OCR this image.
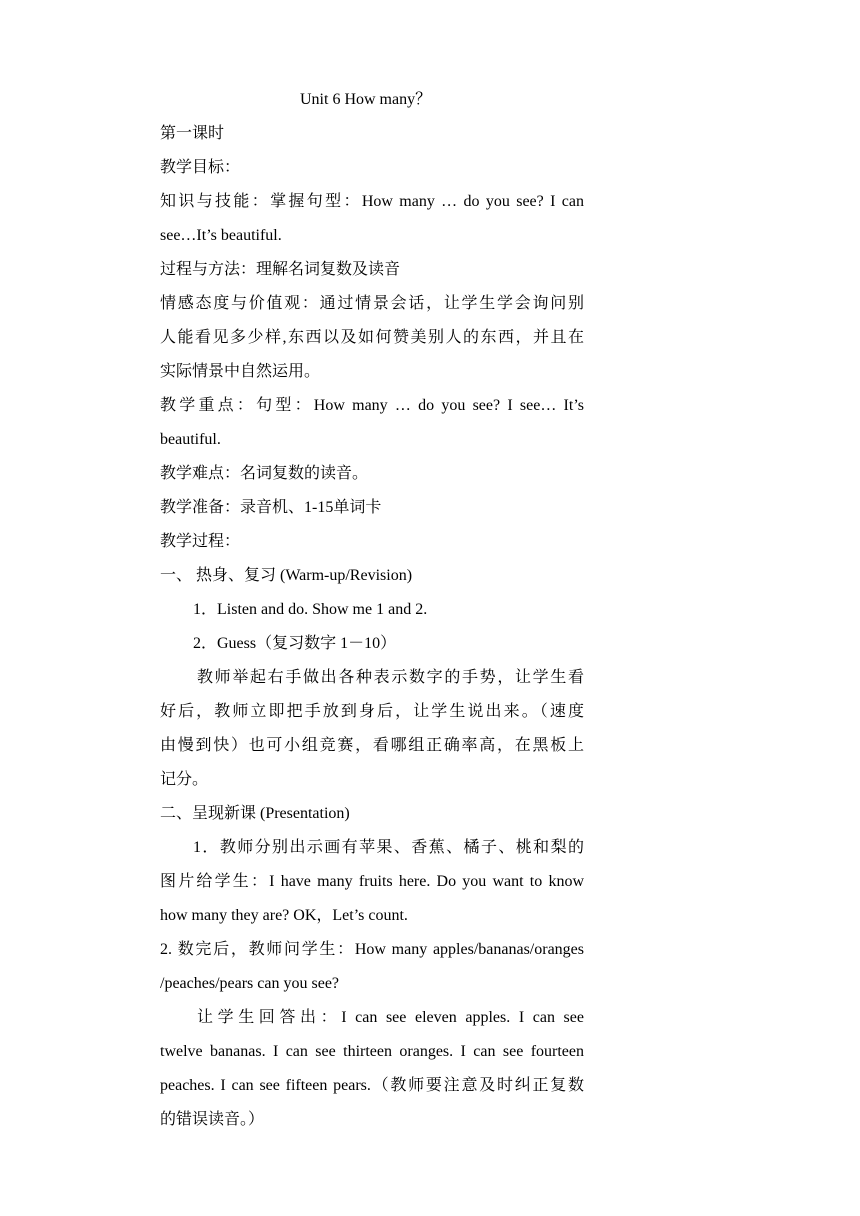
Unit 6 How many？
第一课时
教学目标：
知识与技能：掌握句型：How many … do you see? I can
see…It’s beautiful.
过程与方法：理解名词复数及读音
情感态度与价值观：通过情景会话，让学生学会询问别
人能看见多少样,东西以及如何赞美别人的东西，并且在
实际情景中自然运用。
教学重点：句型：How many … do you see? I see… It’s
beautiful.
教学难点：名词复数的读音。
教学准备：录音机、1-15单词卡
教学过程：
一、 热身、复习 (Warm-up/Revision)
1．Listen and do. Show me 1 and 2.
2．Guess（复习数字 1－10）
教师举起右手做出各种表示数字的手势，让学生看
好后，教师立即把手放到身后，让学生说出来。（速度
由慢到快）也可小组竞赛，看哪组正确率高，在黑板上
记分。
二、呈现新课 (Presentation)
1．教师分别出示画有苹果、香蕉、橘子、桃和梨的
图片给学生：I have many fruits here. Do you want to know
how many they are? OK，Let’s count.
2. 数完后，教师问学生：How many apples/bananas/oranges
/peaches/pears can you see?
让学生回答出：I can see eleven apples. I can see
twelve bananas. I can see thirteen oranges. I can see fourteen
peaches. I can see fifteen pears.（教师要注意及时纠正复数
的错误读音。）
